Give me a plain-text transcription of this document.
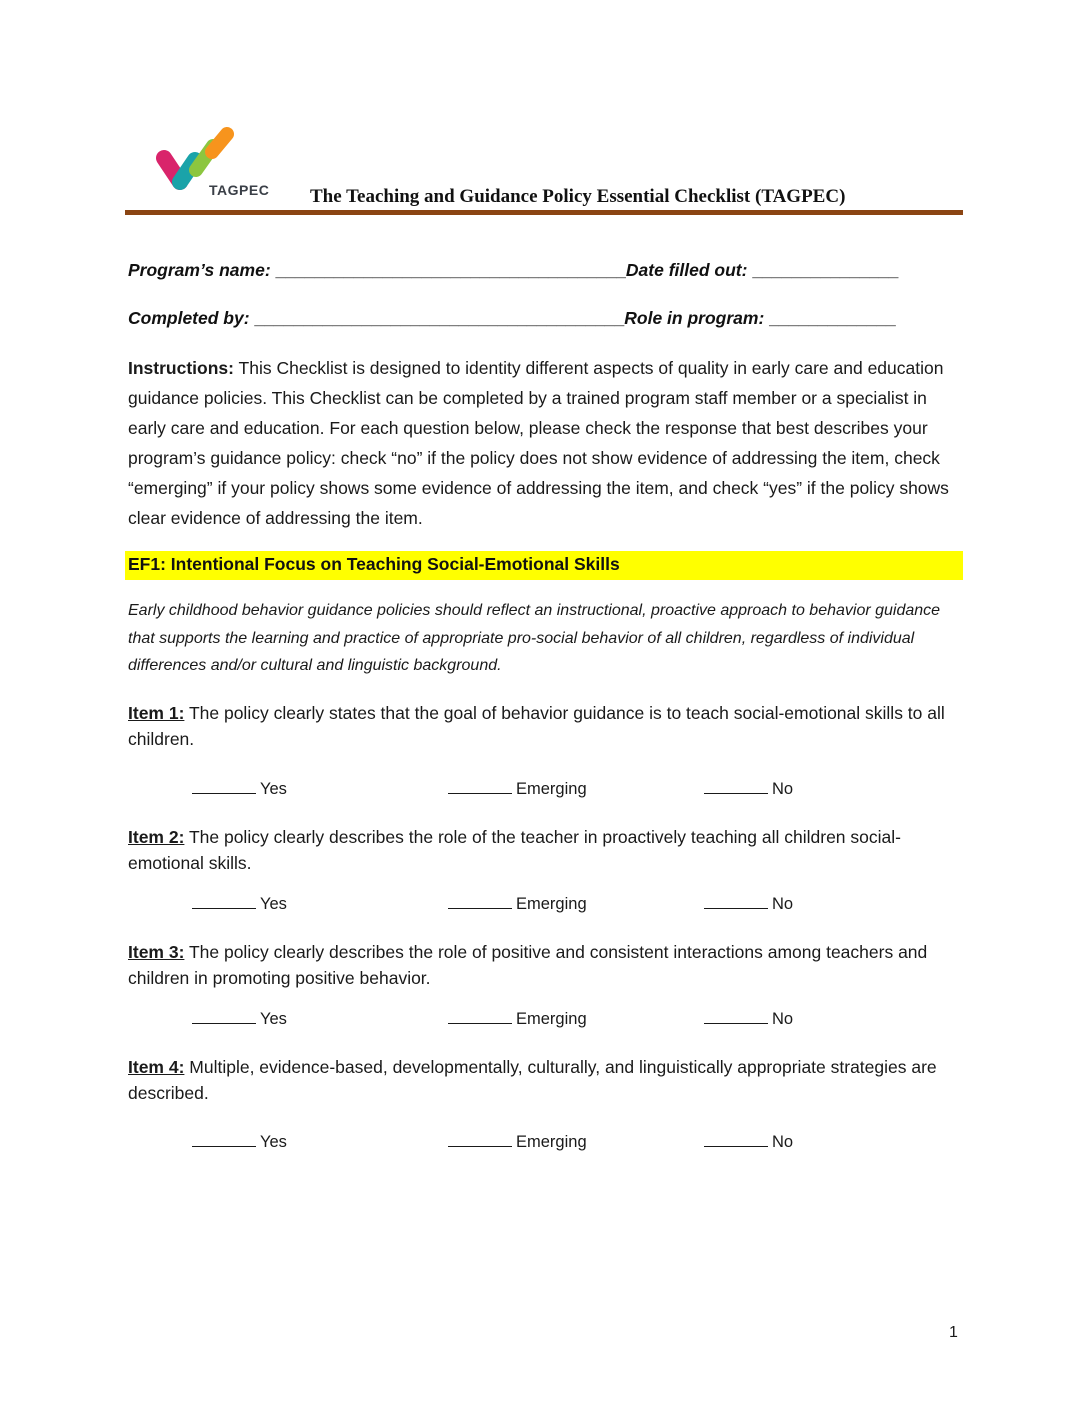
TAGPEC The Teaching and Guidance Policy Essential Checklist (TAGPEC)
Program’s name: ____________________________________Date filled out: _______________
Completed by: ______________________________________Role in program: _____________
Instructions: This Checklist is designed to identity different aspects of quality in early care and education guidance policies. This Checklist can be completed by a trained program staff member or a specialist in early care and education. For each question below, please check the response that best describes your program’s guidance policy: check “no” if the policy does not show evidence of addressing the item, check “emerging” if your policy shows some evidence of addressing the item, and check “yes” if the policy shows clear evidence of addressing the item.
EF1: Intentional Focus on Teaching Social-Emotional Skills
Early childhood behavior guidance policies should reflect an instructional, proactive approach to behavior guidance that supports the learning and practice of appropriate pro-social behavior of all children, regardless of individual differences and/or cultural and linguistic background.
Item 1: The policy clearly states that the goal of behavior guidance is to teach social-emotional skills to all children.
Yes	Emerging	No
Item 2: The policy clearly describes the role of the teacher in proactively teaching all children social-emotional skills.
Yes	Emerging	No
Item 3: The policy clearly describes the role of positive and consistent interactions among teachers and children in promoting positive behavior.
Yes	Emerging	No
Item 4: Multiple, evidence-based, developmentally, culturally, and linguistically appropriate strategies are described.
Yes	Emerging	No
1
